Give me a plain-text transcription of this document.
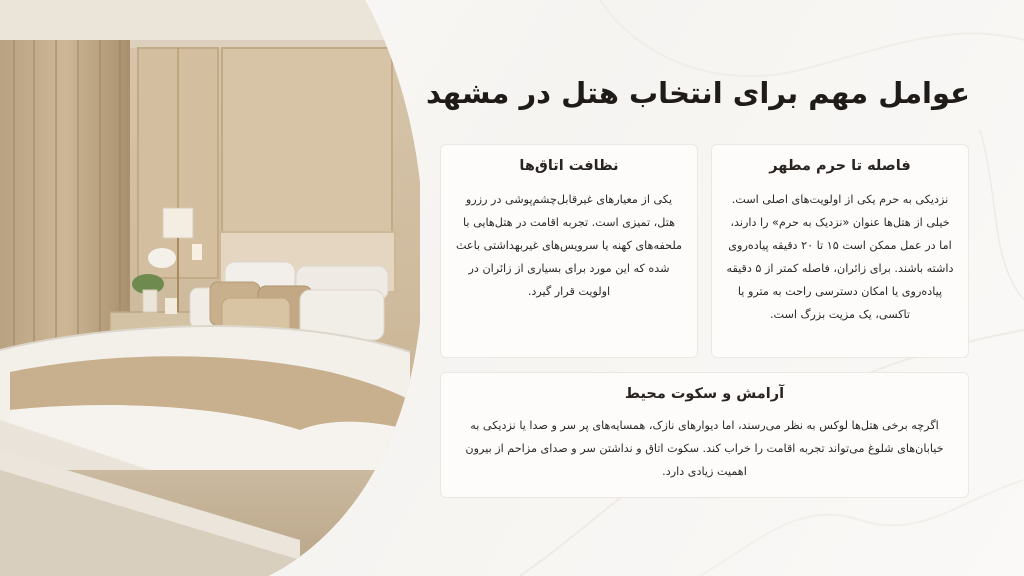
عوامل مهم برای انتخاب هتل در مشهد
فاصله تا حرم مطهر

نزدیکی به حرم یکی از اولویت‌های اصلی است. خیلی از هتل‌ها عنوان «نزدیک به حرم» را دارند، اما در عمل ممکن است ۱۵ تا ۲۰ دقیقه پیاده‌روی داشته باشند. برای زائران، فاصله کمتر از ۵ دقیقه پیاده‌روی یا امکان دسترسی راحت به مترو یا تاکسی، یک مزیت بزرگ است.

نظافت اتاق‌ها

یکی از معیارهای غیرقابل‌چشم‌پوشی در رزرو هتل، تمیزی است. تجربه اقامت در هتل‌هایی با ملحفه‌های کهنه یا سرویس‌های غیربهداشتی باعث شده که این مورد برای بسیاری از زائران در اولویت قرار گیرد.

آرامش و سکوت محیط

اگرچه برخی هتل‌ها لوکس به نظر می‌رسند، اما دیوارهای نازک، همسایه‌های پر سر و صدا یا نزدیکی به خیابان‌های شلوغ می‌تواند تجربه اقامت را خراب کند. سکوت اتاق و نداشتن سر و صدای مزاحم از بیرون اهمیت زیادی دارد.
